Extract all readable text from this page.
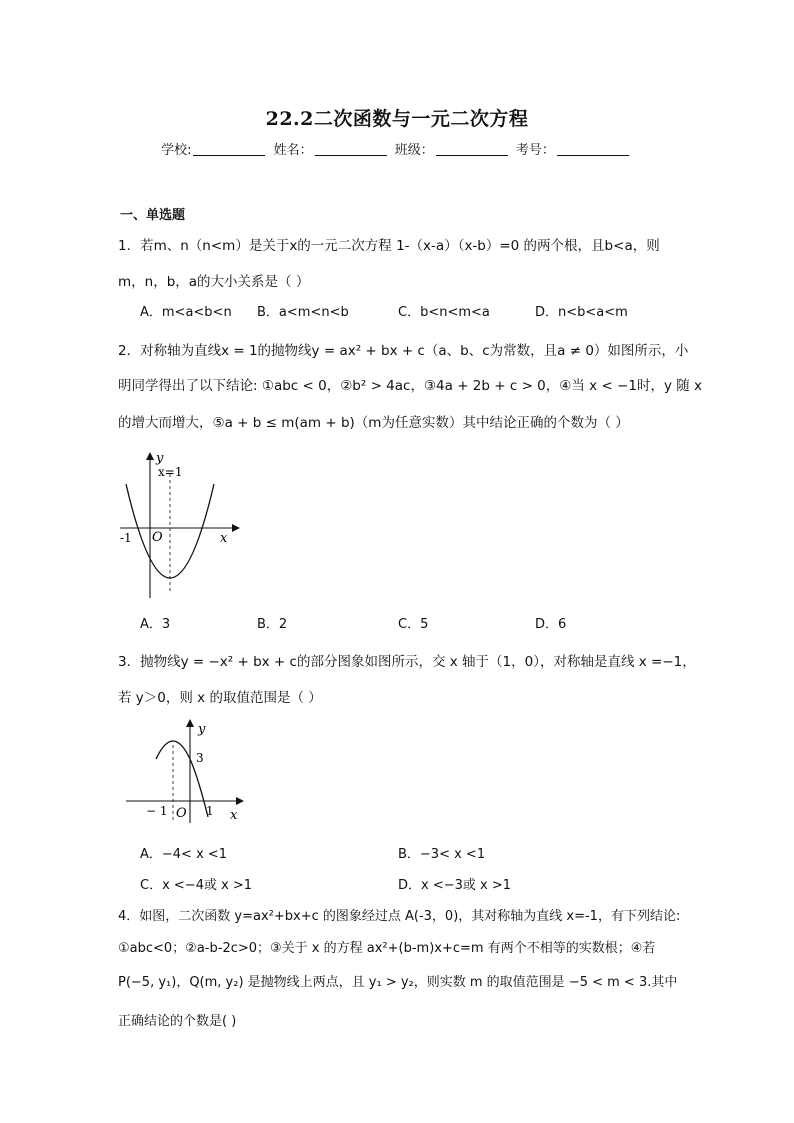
22.2二次函数与一元二次方程
学校:	姓名：	班级：	考号：
一、单选题
1．若m、n（n<m）是关于x的一元二次方程 1-（x-a）（x-b）=0 的两个根，且b<a，则
m，n，b，a的大小关系是（ ）
A．m<a<b<n B．a<m<n<b	C．b<n<m<a	D．n<b<a<m
2．对称轴为直线x = 1的抛物线y = ax² + bx + c（a、b、c为常数，且a ≠ 0）如图所示，小
明同学得出了以下结论: ①abc < 0，②b² > 4ac，③4a + 2b + c > 0，④当 x < −1时，y 随 x
的增大而增大，⑤a + b ≤ m(am + b)（m为任意实数）其中结论正确的个数为（ ）
y
x=1
-1 O	x
A．3	B．2	C．5	D．6
3．抛物线y = −x² + bx + c的部分图象如图所示，交 x 轴于（1，0），对称轴是直线 x =−1，
若 y＞0，则 x 的取值范围是（ ）
y
3
− 1 O 1 x
A．−4< x <1	B．−3< x <1
C．x <−4或 x >1	D．x <−3或 x >1
4．如图，二次函数 y=ax²+bx+c 的图象经过点 A(-3，0)，其对称轴为直线 x=-1，有下列结论:
①abc<0；②a-b-2c>0；③关于 x 的方程 ax²+(b-m)x+c=m 有两个不相等的实数根；④若
P(−5, y₁)，Q(m, y₂) 是抛物线上两点，且 y₁ > y₂，则实数 m 的取值范围是 −5 < m < 3.其中
正确结论的个数是( )
